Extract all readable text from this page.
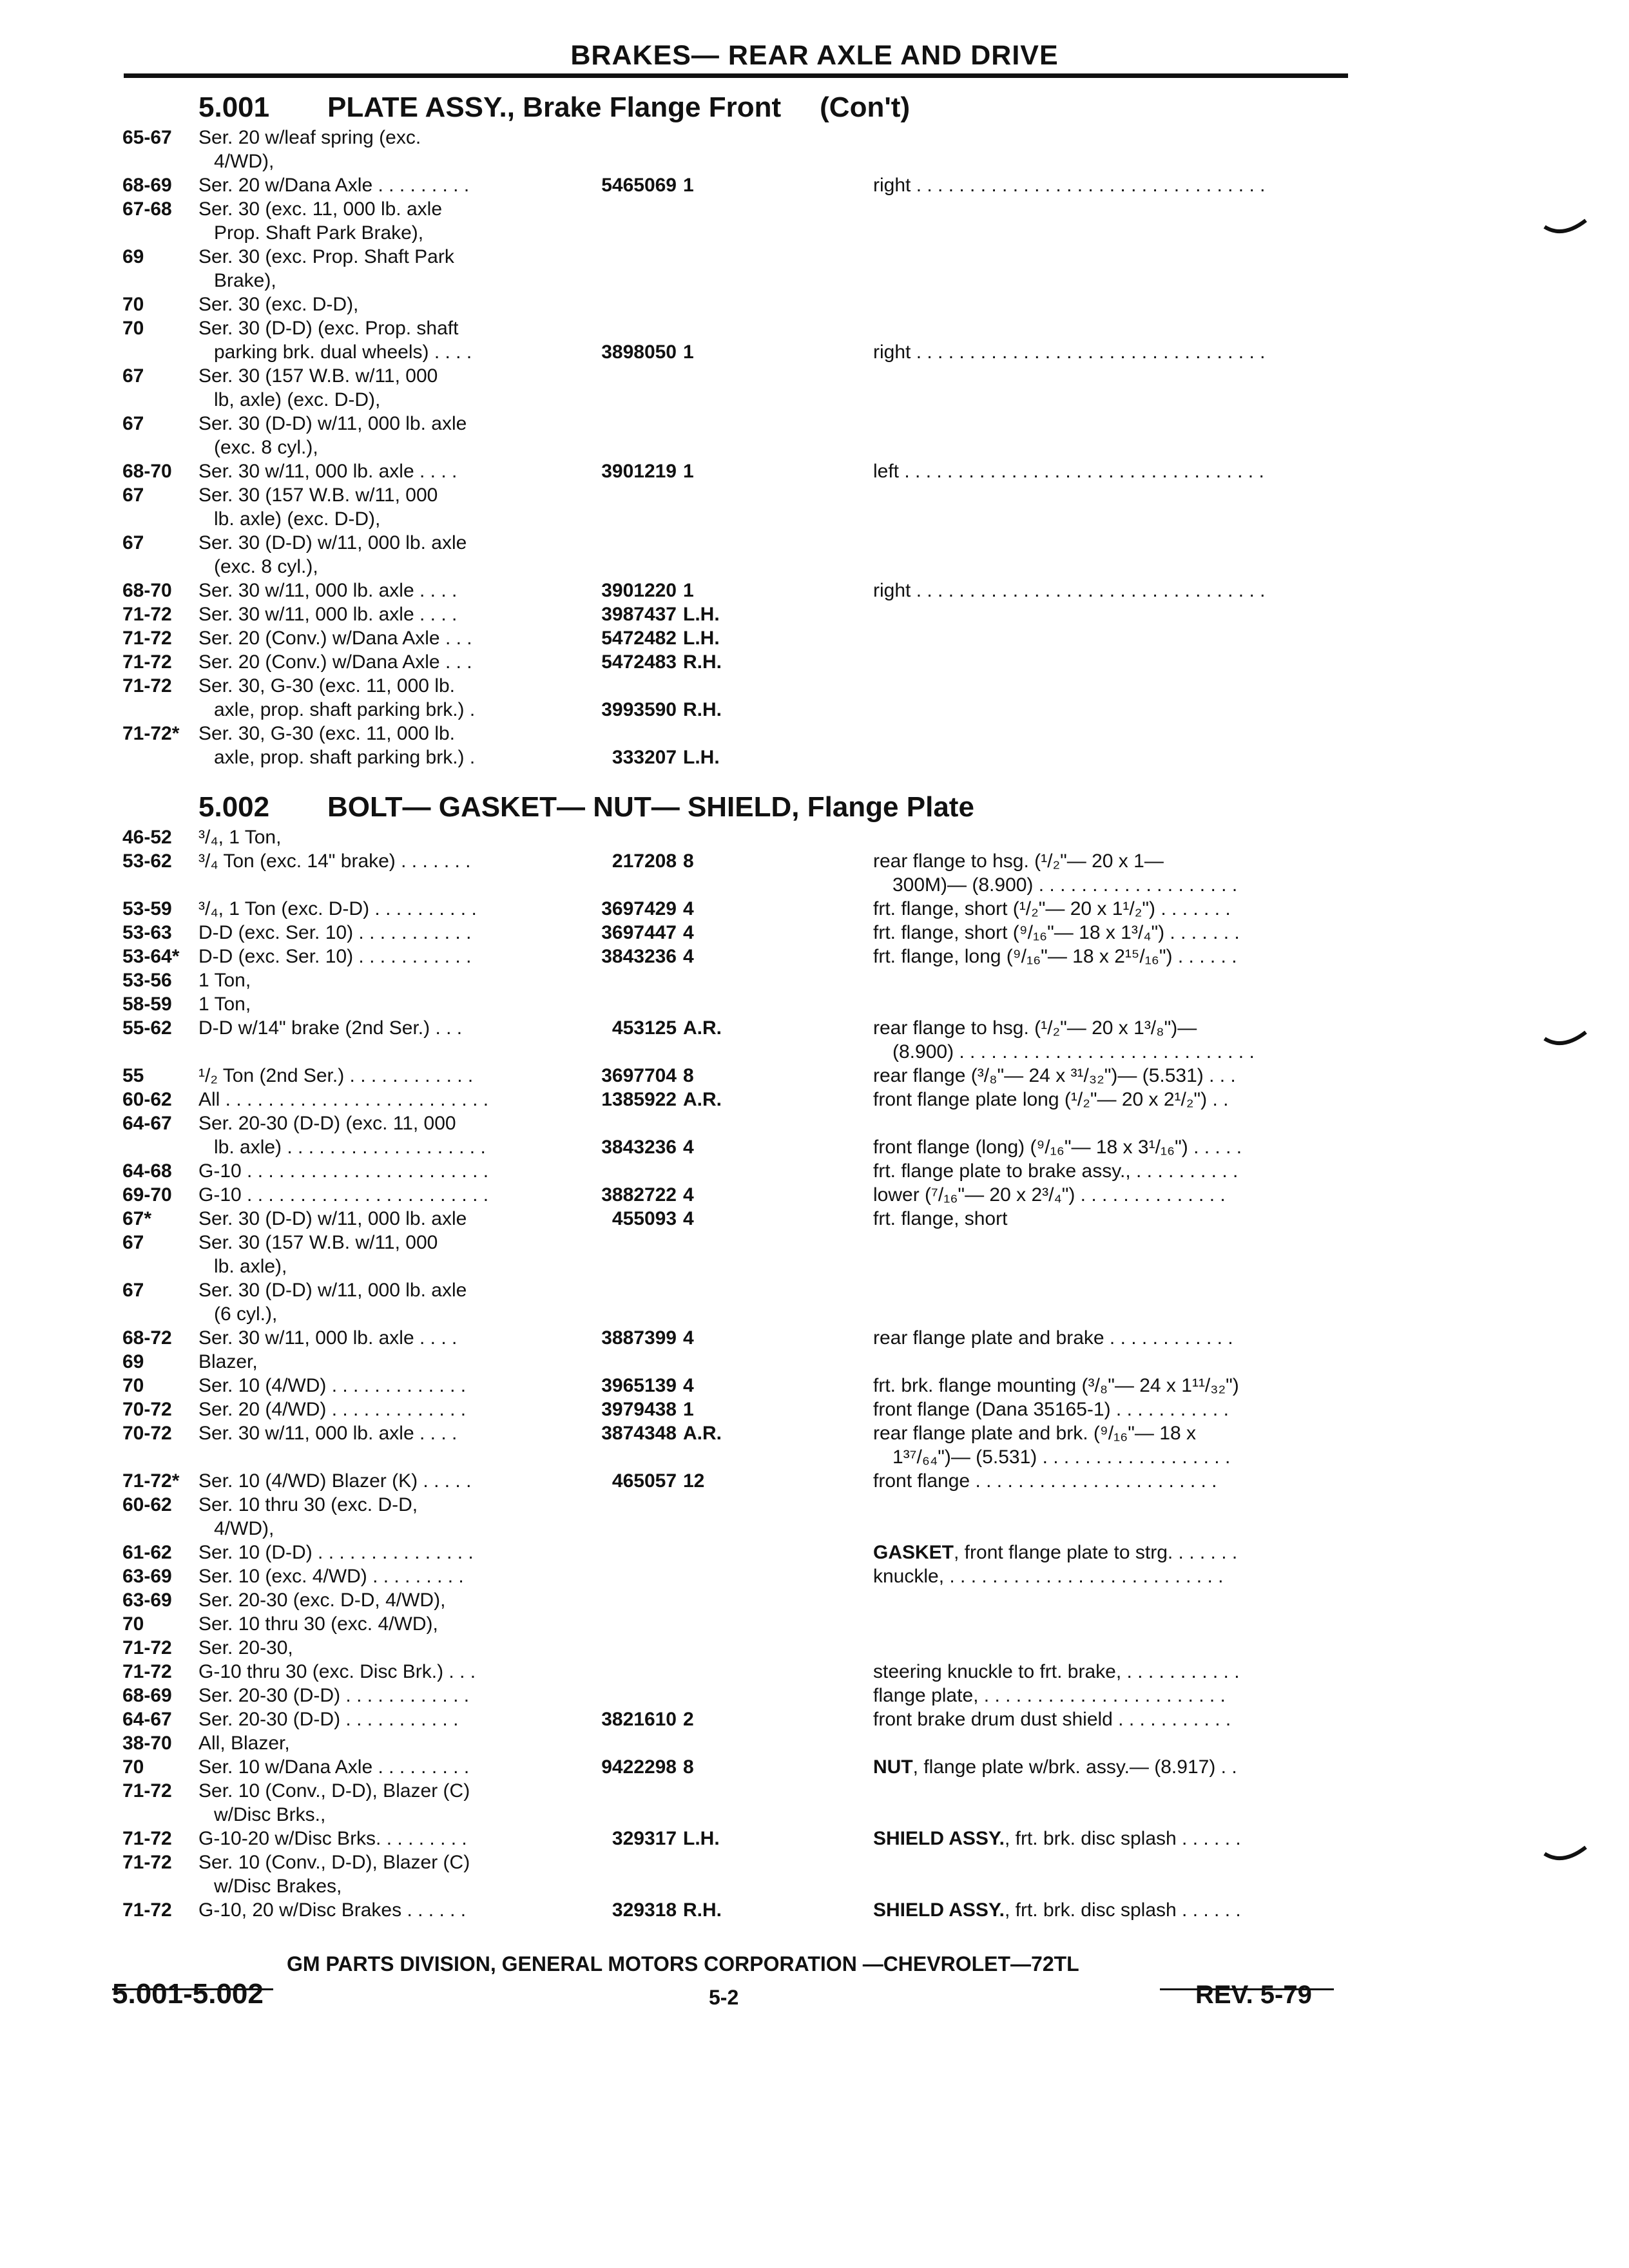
BRAKES— REAR AXLE AND DRIVE
5.001 PLATE ASSY., Brake Flange Front (Con't)
65-67	Ser. 20 w/leaf spring (exc.
4/WD),
68-69	Ser. 20 w/Dana Axle . . . . . . . . .	5465069 1	right . . . . . . . . . . . . . . . . . . . . . . . . . . . . . . . . .
67-68	Ser. 30 (exc. 11, 000 lb. axle
Prop. Shaft Park Brake),
69	Ser. 30 (exc. Prop. Shaft Park
Brake),
70	Ser. 30 (exc. D-D),
70	Ser. 30 (D-D) (exc. Prop. shaft
parking brk. dual wheels) . . . .	3898050 1	right . . . . . . . . . . . . . . . . . . . . . . . . . . . . . . . . .
67	Ser. 30 (157 W.B. w/11, 000
lb, axle) (exc. D-D),
67	Ser. 30 (D-D) w/11, 000 lb. axle
(exc. 8 cyl.),
68-70	Ser. 30 w/11, 000 lb. axle . . . .	3901219 1	left . . . . . . . . . . . . . . . . . . . . . . . . . . . . . . . . . .
67	Ser. 30 (157 W.B. w/11, 000
lb. axle) (exc. D-D),
67	Ser. 30 (D-D) w/11, 000 lb. axle
(exc. 8 cyl.),
68-70	Ser. 30 w/11, 000 lb. axle . . . .	3901220 1	right . . . . . . . . . . . . . . . . . . . . . . . . . . . . . . . . .
71-72	Ser. 30 w/11, 000 lb. axle . . . .	3987437 L.H.
71-72	Ser. 20 (Conv.) w/Dana Axle . . .	5472482 L.H.
71-72	Ser. 20 (Conv.) w/Dana Axle . . .	5472483 R.H.
71-72	Ser. 30, G-30 (exc. 11, 000 lb.
axle, prop. shaft parking brk.) .	3993590 R.H.
71-72* Ser. 30, G-30 (exc. 11, 000 lb.
axle, prop. shaft parking brk.) .	333207 L.H.
46-52	³/₄, 1 Ton,
53-62	³/₄ Ton (exc. 14" brake) . . . . . . .	217208 8	rear flange to hsg. (¹/₂"— 20 x 1—
300M)— (8.900) . . . . . . . . . . . . . . . . . . .
53-59	³/₄, 1 Ton (exc. D-D) . . . . . . . . . .	3697429 4	frt. flange, short (¹/₂"— 20 x 1¹/₂") . . . . . . .
53-63	D-D (exc. Ser. 10) . . . . . . . . . . .	3697447 4	frt. flange, short (⁹/₁₆"— 18 x 1³/₄") . . . . . . .
53-64* D-D (exc. Ser. 10) . . . . . . . . . . .	3843236 4	frt. flange, long (⁹/₁₆"— 18 x 2¹⁵/₁₆") . . . . . .
53-56	1 Ton,
58-59	1 Ton,
55-62	D-D w/14" brake (2nd Ser.) . . .	453125 A.R.	rear flange to hsg. (¹/₂"— 20 x 1³/₈")—
(8.900) . . . . . . . . . . . . . . . . . . . . . . . . . . . .
55	¹/₂ Ton (2nd Ser.) . . . . . . . . . . . .	3697704 8	rear flange (³/₈"— 24 x ³¹/₃₂")— (5.531) . . .
60-62	All . . . . . . . . . . . . . . . . . . . . . . . . .	1385922 A.R.	front flange plate long (¹/₂"— 20 x 2¹/₂") . .
64-67	Ser. 20-30 (D-D) (exc. 11, 000
lb. axle) . . . . . . . . . . . . . . . . . . .	3843236 4	front flange (long) (⁹/₁₆"— 18 x 3¹/₁₆") . . . . .
64-68	G-10 . . . . . . . . . . . . . . . . . . . . . . .	frt. flange plate to brake assy., . . . . . . . . . .
69-70	G-10 . . . . . . . . . . . . . . . . . . . . . . .	3882722 4	lower (⁷/₁₆"— 20 x 2³/₄") . . . . . . . . . . . . . .
67*	Ser. 30 (D-D) w/11, 000 lb. axle	455093 4	frt. flange, short
67	Ser. 30 (157 W.B. w/11, 000
lb. axle),
67	Ser. 30 (D-D) w/11, 000 lb. axle
(6 cyl.),
68-72	Ser. 30 w/11, 000 lb. axle . . . .	3887399 4	rear flange plate and brake . . . . . . . . . . . .
69	Blazer,
70	Ser. 10 (4/WD) . . . . . . . . . . . . .	3965139 4	frt. brk. flange mounting (³/₈"— 24 x 1¹¹/₃₂")
70-72	Ser. 20 (4/WD) . . . . . . . . . . . . .	3979438 1	front flange (Dana 35165-1) . . . . . . . . . . .
70-72	Ser. 30 w/11, 000 lb. axle . . . .	3874348 A.R.	rear flange plate and brk. (⁹/₁₆"— 18 x
1³⁷/₆₄")— (5.531) . . . . . . . . . . . . . . . . . .
71-72* Ser. 10 (4/WD) Blazer (K) . . . . .	465057 12	front flange . . . . . . . . . . . . . . . . . . . . . . .
60-62	Ser. 10 thru 30 (exc. D-D,
4/WD),
61-62	Ser. 10 (D-D) . . . . . . . . . . . . . . .	GASKET, front flange plate to strg. . . . . . .
63-69	Ser. 10 (exc. 4/WD) . . . . . . . . .	knuckle, . . . . . . . . . . . . . . . . . . . . . . . . . .
63-69	Ser. 20-30 (exc. D-D, 4/WD),
70	Ser. 10 thru 30 (exc. 4/WD),
71-72	Ser. 20-30,
71-72	G-10 thru 30 (exc. Disc Brk.) . . .	steering knuckle to frt. brake, . . . . . . . . . . .
68-69	Ser. 20-30 (D-D) . . . . . . . . . . . .	flange plate, . . . . . . . . . . . . . . . . . . . . . . .
64-67	Ser. 20-30 (D-D) . . . . . . . . . . .	3821610 2	front brake drum dust shield . . . . . . . . . . .
38-70	All, Blazer,
70	Ser. 10 w/Dana Axle . . . . . . . . .	9422298 8	NUT, flange plate w/brk. assy.— (8.917) . .
71-72	Ser. 10 (Conv., D-D), Blazer (C)
w/Disc Brks.,
71-72	G-10-20 w/Disc Brks. . . . . . . . .	329317 L.H.	SHIELD ASSY., frt. brk. disc splash . . . . . .
71-72	Ser. 10 (Conv., D-D), Blazer (C)
w/Disc Brakes,
71-72	G-10, 20 w/Disc Brakes . . . . . .	329318 R.H.	SHIELD ASSY., frt. brk. disc splash . . . . . .
5.002 BOLT— GASKET— NUT— SHIELD, Flange Plate
GM PARTS DIVISION, GENERAL MOTORS CORPORATION —CHEVROLET—72TL
5.001-5.002	5-2	REV. 5-79
